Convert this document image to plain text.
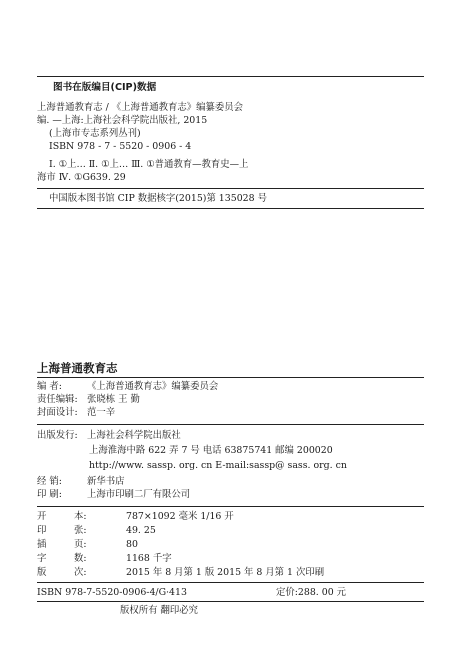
图书在版编目(CIP)数据
上海普通教育志 / 《上海普通教育志》编纂委员会
编. —上海:上海社会科学院出版社, 2015
(上海市专志系列丛刊)
ISBN 978 - 7 - 5520 - 0906 - 4
Ⅰ. ①上… Ⅱ. ①上… Ⅲ. ①普通教育—教育史—上
海市 Ⅳ. ①G639. 29
中国版本图书馆 CIP 数据核字(2015)第 135028 号
上海普通教育志
编 者:	《上海普通教育志》编纂委员会
责任编辑: 张晓栋 王 勤
封面设计: 范一辛
出版发行: 上海社会科学院出版社
上海淮海中路 622 弄 7 号 电话 63875741 邮编 200020
http://www. sassp. org. cn E-mail:sassp@ sass. org. cn
经 销:	新华书店
印 刷:	上海市印刷二厂有限公司
开	本:	787×1092 毫米 1/16 开
印	张:	49. 25
插	页:	80
字	数:	1168 千字
版	次:	2015 年 8 月第 1 版 2015 年 8 月第 1 次印刷
ISBN 978-7-5520-0906-4/G·413	定价:288. 00 元
版权所有 翻印必究
